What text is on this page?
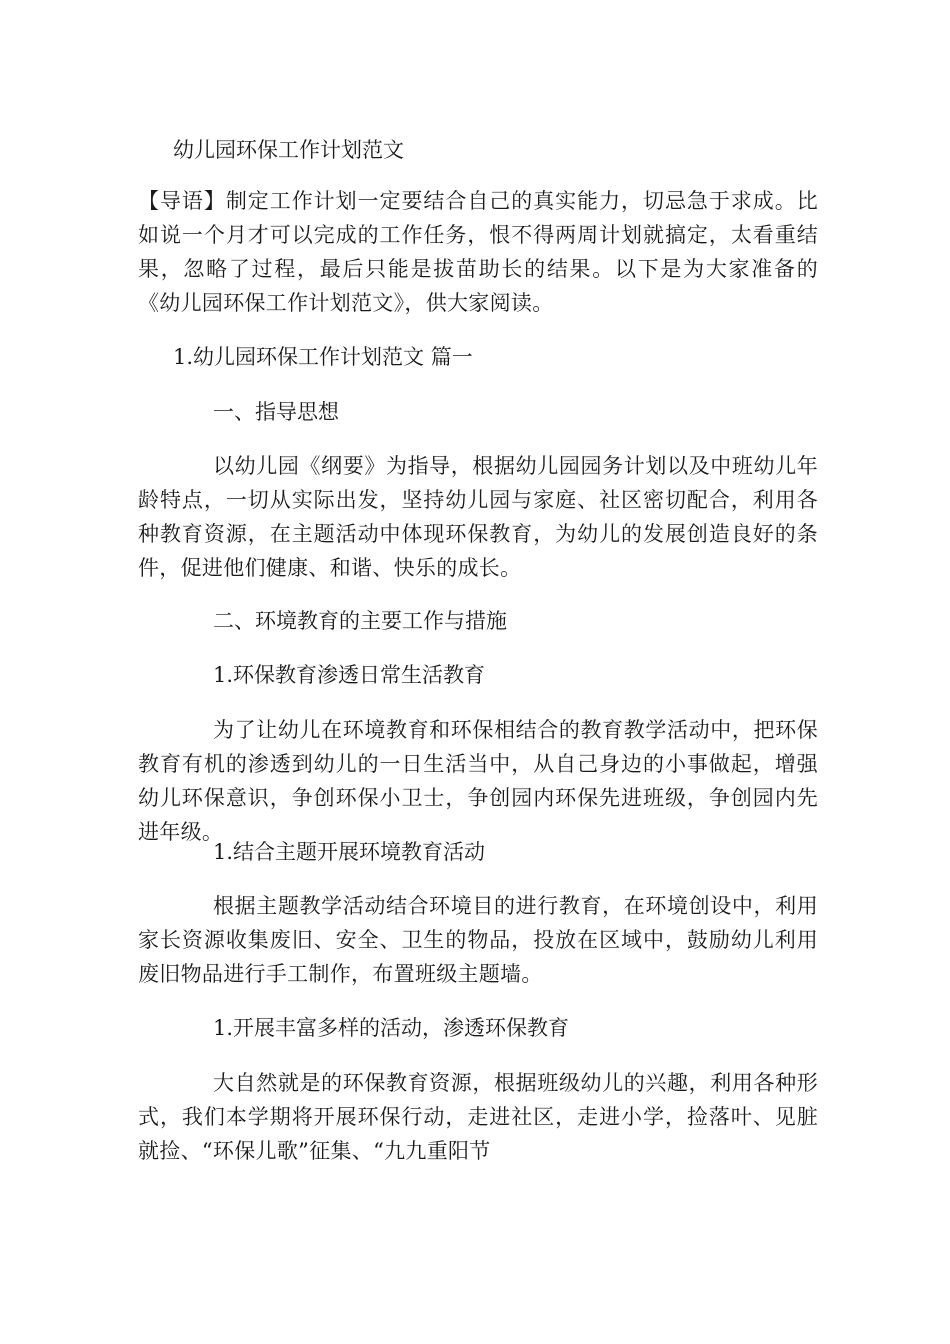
幼儿园环保工作计划范文

【导语】制定工作计划一定要结合自己的真实能力，切忌急于求成。比如说一个月才可以完成的工作任务，恨不得两周计划就搞定，太看重结果，忽略了过程，最后只能是拔苗助长的结果。以下是为大家准备的《幼儿园环保工作计划范文》，供大家阅读。

1.幼儿园环保工作计划范文 篇一

一、指导思想

以幼儿园《纲要》为指导，根据幼儿园园务计划以及中班幼儿年龄特点，一切从实际出发，坚持幼儿园与家庭、社区密切配合，利用各种教育资源，在主题活动中体现环保教育，为幼儿的发展创造良好的条件，促进他们健康、和谐、快乐的成长。

二、环境教育的主要工作与措施

1.环保教育渗透日常生活教育

为了让幼儿在环境教育和环保相结合的教育教学活动中，把环保教育有机的渗透到幼儿的一日生活当中，从自己身边的小事做起，增强幼儿环保意识，争创环保小卫士，争创园内环保先进班级，争创园内先进年级。

1.结合主题开展环境教育活动

根据主题教学活动结合环境目的进行教育，在环境创设中，利用家长资源收集废旧、安全、卫生的物品，投放在区域中，鼓励幼儿利用废旧物品进行手工制作，布置班级主题墙。

1.开展丰富多样的活动，渗透环保教育

大自然就是的环保教育资源，根据班级幼儿的兴趣，利用各种形式，我们本学期将开展环保行动，走进社区，走进小学，捡落叶、见脏就捡、“环保儿歌”征集、“九九重阳节
